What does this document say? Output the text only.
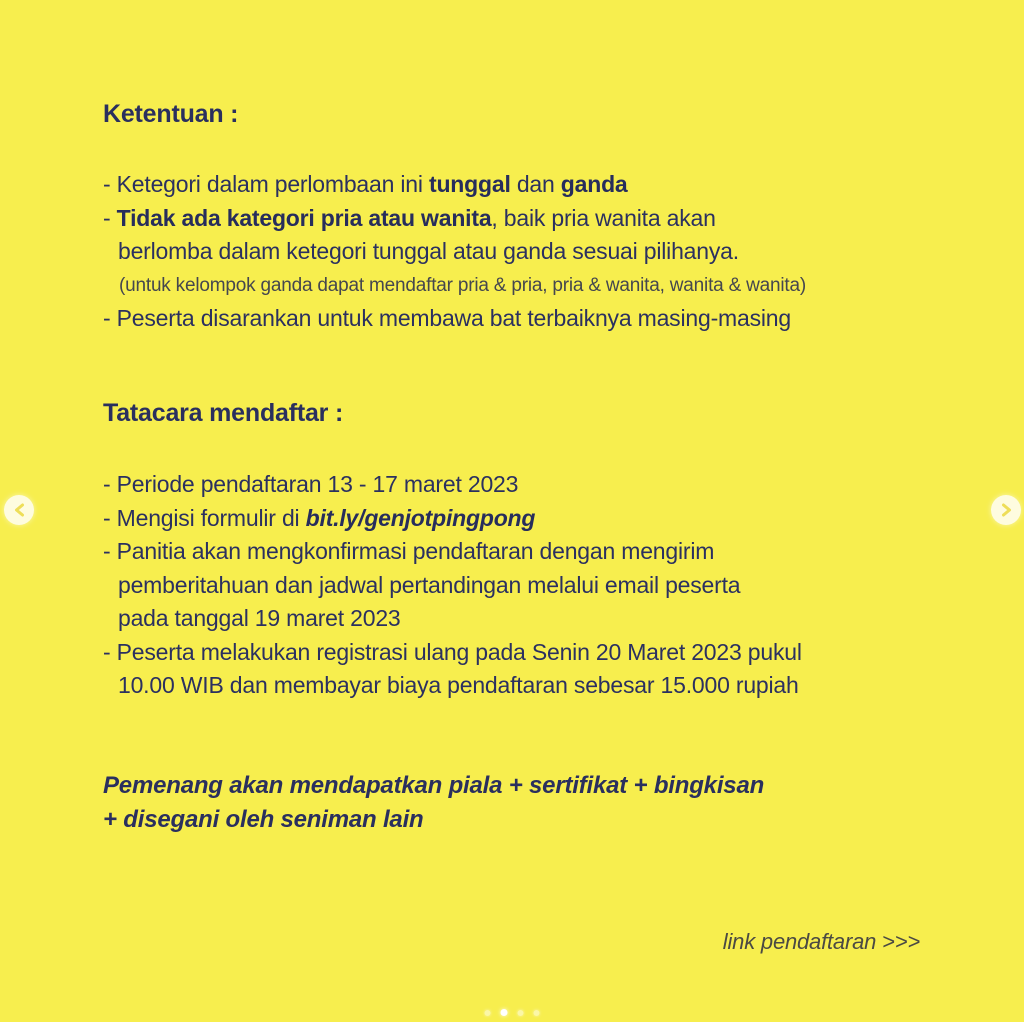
Ketentuan :
- Ketegori dalam perlombaan ini tunggal dan ganda
- Tidak ada kategori pria atau wanita, baik pria wanita akan
berlomba dalam ketegori tunggal atau ganda sesuai pilihanya.
(untuk kelompok ganda dapat mendaftar pria & pria, pria & wanita, wanita & wanita)
- Peserta disarankan untuk membawa bat terbaiknya masing-masing
Tatacara mendaftar :
- Periode pendaftaran 13 - 17 maret 2023
- Mengisi formulir di bit.ly/genjotpingpong
- Panitia akan mengkonfirmasi pendaftaran dengan mengirim
pemberitahuan dan jadwal pertandingan melalui email peserta
pada tanggal 19 maret 2023
- Peserta melakukan registrasi ulang pada Senin 20 Maret 2023 pukul
10.00 WIB dan membayar biaya pendaftaran sebesar 15.000 rupiah
Pemenang akan mendapatkan piala + sertifikat + bingkisan
+ disegani oleh seniman lain
link pendaftaran >>>
